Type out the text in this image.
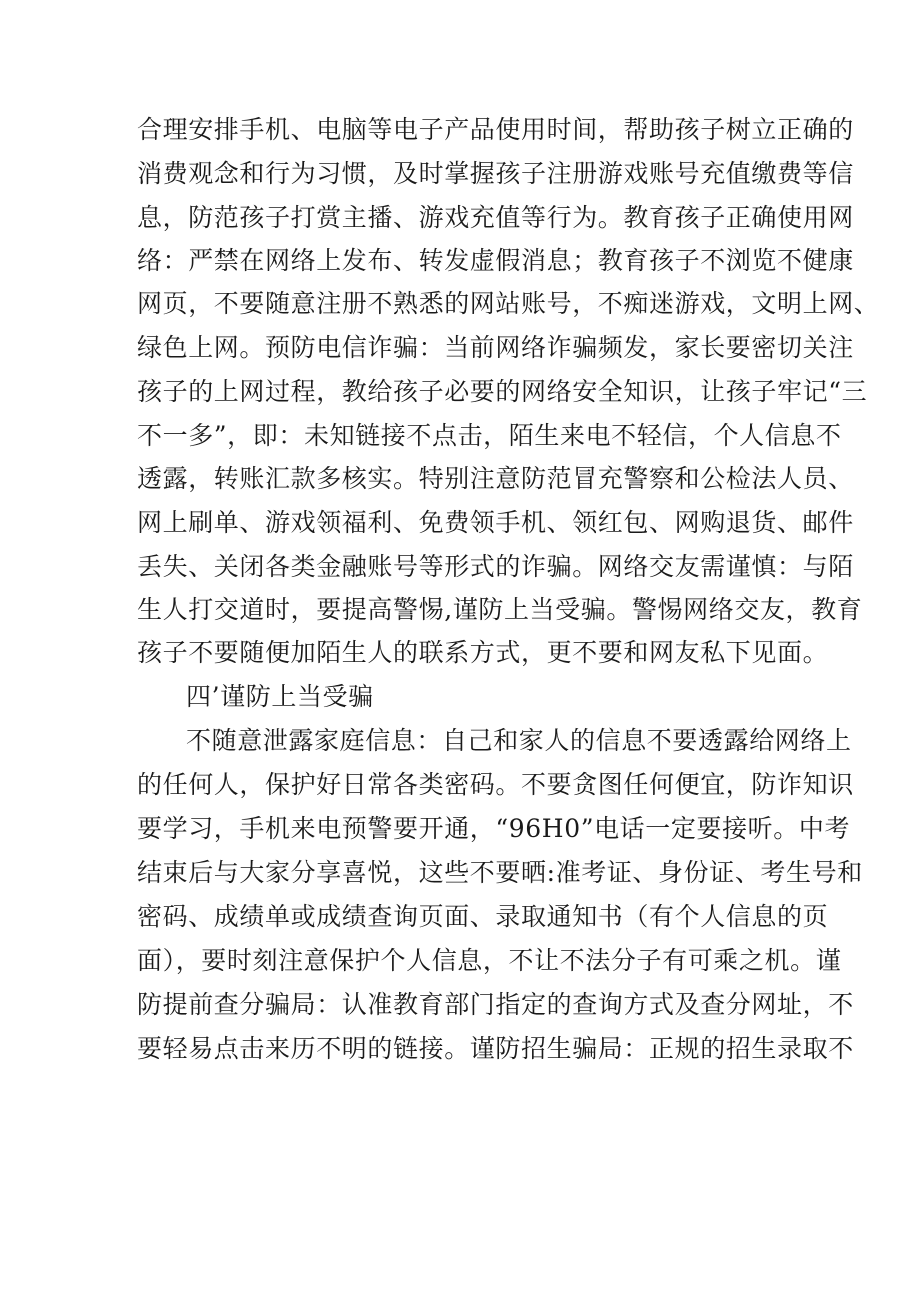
合理安排手机、电脑等电子产品使用时间，帮助孩子树立正确的
消费观念和行为习惯，及时掌握孩子注册游戏账号充值缴费等信
息，防范孩子打赏主播、游戏充值等行为。教育孩子正确使用网
络：严禁在网络上发布、转发虚假消息；教育孩子不浏览不健康
网页，不要随意注册不熟悉的网站账号，不痴迷游戏，文明上网、
绿色上网。预防电信诈骗：当前网络诈骗频发，家长要密切关注
孩子的上网过程，教给孩子必要的网络安全知识，让孩子牢记“三
不一多”，即：未知链接不点击，陌生来电不轻信，个人信息不
透露，转账汇款多核实。特别注意防范冒充警察和公检法人员、
网上刷单、游戏领福利、免费领手机、领红包、网购退货、邮件
丢失、关闭各类金融账号等形式的诈骗。网络交友需谨慎：与陌
生人打交道时，要提高警惕,谨防上当受骗。警惕网络交友，教育
孩子不要随便加陌生人的联系方式，更不要和网友私下见面。
四’谨防上当受骗
不随意泄露家庭信息：自己和家人的信息不要透露给网络上
的任何人，保护好日常各类密码。不要贪图任何便宜，防诈知识
要学习，手机来电预警要开通，“96H0”电话一定要接听。中考
结束后与大家分享喜悦，这些不要晒:准考证、身份证、考生号和
密码、成绩单或成绩查询页面、录取通知书（有个人信息的页
面），要时刻注意保护个人信息，不让不法分子有可乘之机。谨
防提前查分骗局：认准教育部门指定的查询方式及查分网址，不
要轻易点击来历不明的链接。谨防招生骗局：正规的招生录取不
